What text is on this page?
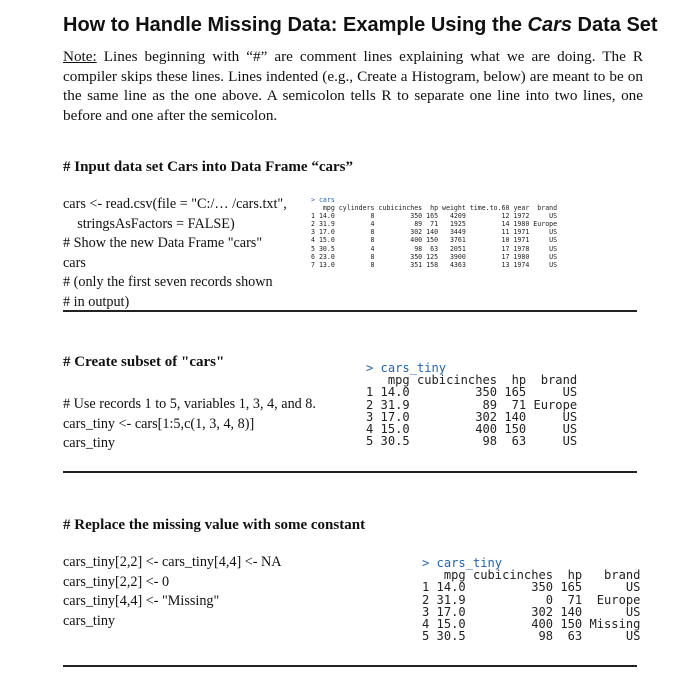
How to Handle Missing Data: Example Using the Cars Data Set
Note: Lines beginning with “#” are comment lines explaining what we are doing. The R compiler skips these lines. Lines indented (e.g., Create a Histogram, below) are meant to be on the same line as the one above. A semicolon tells R to separate one line into two lines, one before and one after the semicolon.
# Input data set Cars into Data Frame “cars”
cars <- read.csv(file = "C:/… /cars.txt",
stringsAsFactors = FALSE)
# Show the new Data Frame "cars"
cars
# (only the first seven records shown
# in output)
> cars
mpg cylinders cubicinches  hp weight time.to.60 year  brand
1 14.0         8         350 165   4209         12 1972     US
2 31.9         4          89  71   1925         14 1980 Europe
3 17.0         8         302 140   3449         11 1971     US
4 15.0         8         400 150   3761         10 1971     US
5 30.5         4          98  63   2051         17 1978     US
6 23.0         8         350 125   3900         17 1980     US
7 13.0         8         351 158   4363         13 1974     US
# Create subset of "cars"
# Use records 1 to 5, variables 1, 3, 4, and 8.
cars_tiny <- cars[1:5,c(1, 3, 4, 8)]
cars_tiny
> cars_tiny
mpg cubicinches  hp  brand
1 14.0         350 165     US
2 31.9          89  71 Europe
3 17.0         302 140     US
4 15.0         400 150     US
5 30.5          98  63     US
# Replace the missing value with some constant
cars_tiny[2,2] <- cars_tiny[4,4] <- NA
cars_tiny[2,2] <- 0
cars_tiny[4,4] <- "Missing"
cars_tiny
> cars_tiny
mpg cubicinches  hp   brand
1 14.0         350 165      US
2 31.9           0  71  Europe
3 17.0         302 140      US
4 15.0         400 150 Missing
5 30.5          98  63      US
